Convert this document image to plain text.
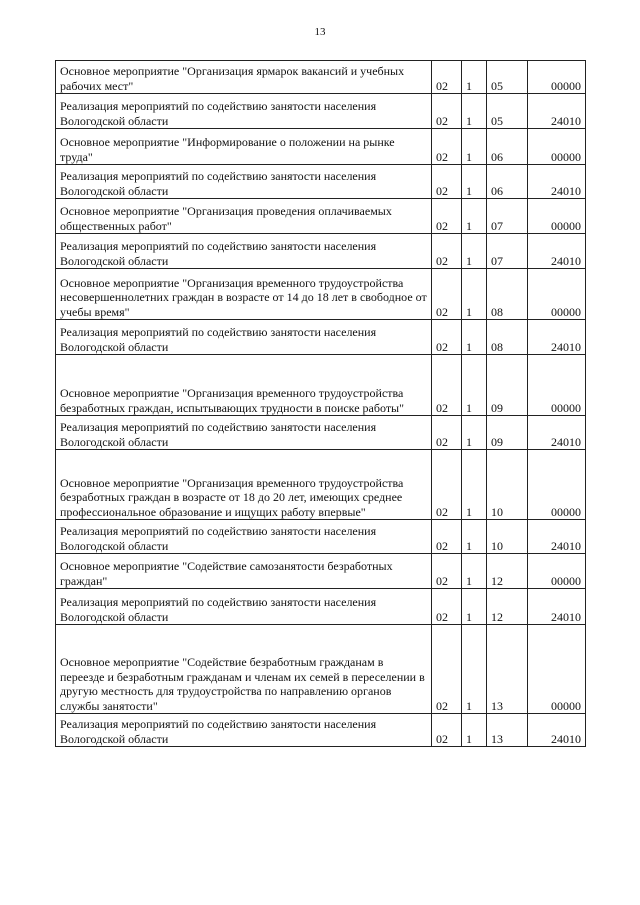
13
Основное мероприятие "Организация ярмарок вакансий и учебных рабочих мест"	02	1	05	00000

Реализация мероприятий по содействию занятости населения Вологодской области	02	1	05	24010

Основное мероприятие "Информирование о положении на рынке труда"	02	1	06	00000

Реализация мероприятий по содействию занятости населения Вологодской области	02	1	06	24010

Основное мероприятие "Организация проведения оплачиваемых общественных работ"	02	1	07	00000

Реализация мероприятий по содействию занятости населения Вологодской области	02	1	07	24010

Основное мероприятие "Организация временного трудоустройства несовершеннолетних граждан в возрасте от 14 до 18 лет в свободное от учебы время"	02	1	08	00000

Реализация мероприятий по содействию занятости населения Вологодской области	02	1	08	24010

Основное мероприятие "Организация временного трудоустройства безработных граждан, испытывающих трудности в поиске работы"	02	1	09	00000

Реализация мероприятий по содействию занятости населения Вологодской области	02	1	09	24010

Основное мероприятие "Организация временного трудоустройства безработных граждан в возрасте от 18 до 20 лет, имеющих среднее профессиональное образование и ищущих работу впервые"	02	1	10	00000

Реализация мероприятий по содействию занятости населения Вологодской области	02	1	10	24010

Основное мероприятие "Содействие самозанятости безработных граждан"	02	1	12	00000

Реализация мероприятий по содействию занятости населения Вологодской области	02	1	12	24010

Основное мероприятие "Содействие безработным гражданам в переезде и безработным гражданам и членам их семей в переселении в другую местность для трудоустройства по направлению органов службы занятости"	02	1	13	00000

Реализация мероприятий по содействию занятости населения Вологодской области	02	1	13	24010
